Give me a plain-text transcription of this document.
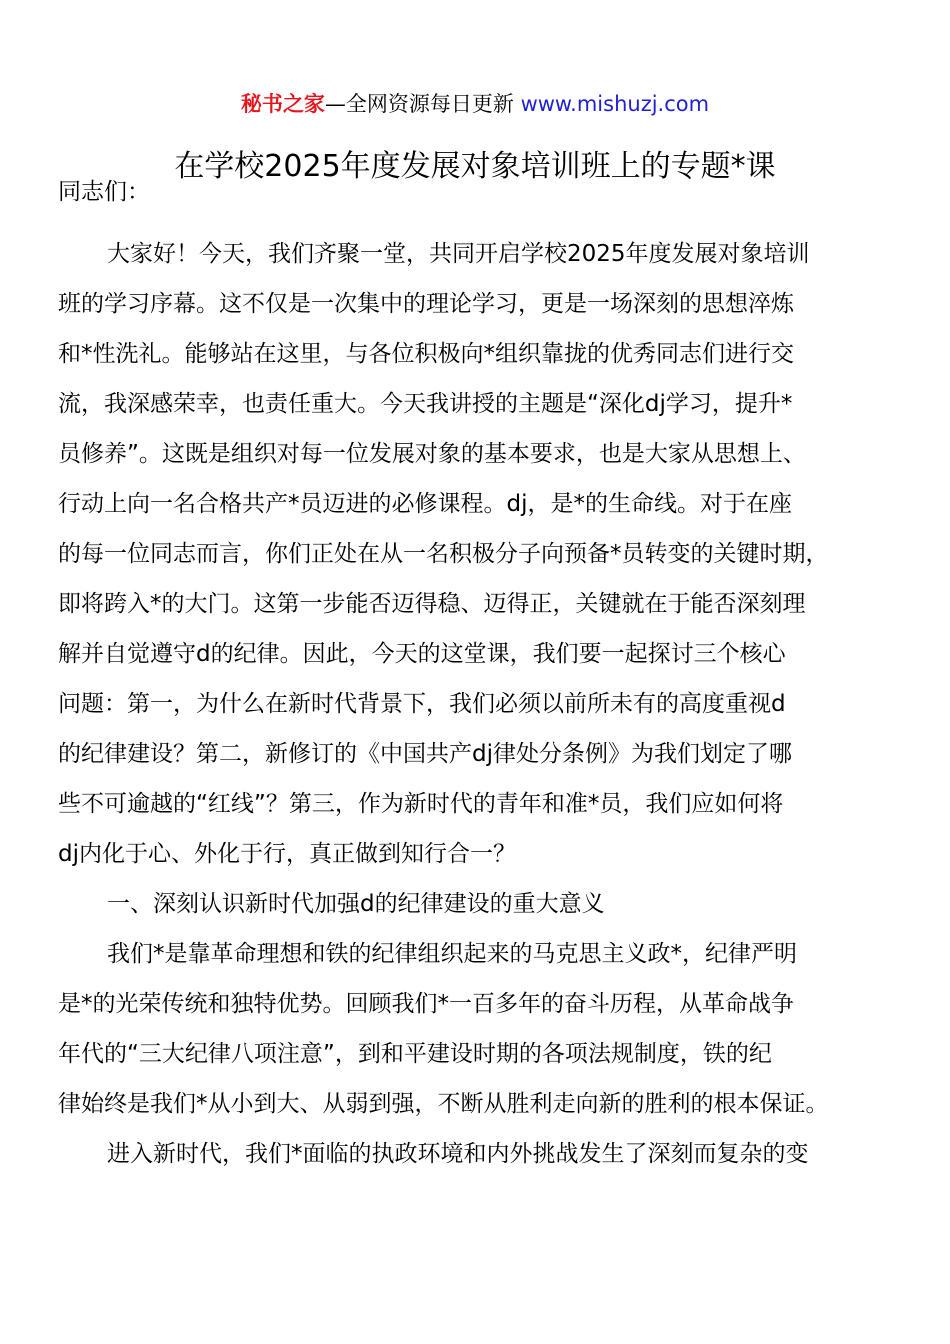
秘书之家—全网资源每日更新 www.mishuzj.com
在学校2025年度发展对象培训班上的专题*课
同志们：
大家好！今天，我们齐聚一堂，共同开启学校2025年度发展对象培训
班的学习序幕。这不仅是一次集中的理论学习，更是一场深刻的思想淬炼
和*性洗礼。能够站在这里，与各位积极向*组织靠拢的优秀同志们进行交
流，我深感荣幸，也责任重大。今天我讲授的主题是“深化dj学习，提升*
员修养”。这既是组织对每一位发展对象的基本要求，也是大家从思想上、
行动上向一名合格共产*员迈进的必修课程。dj，是*的生命线。对于在座
的每一位同志而言，你们正处在从一名积极分子向预备*员转变的关键时期，
即将跨入*的大门。这第一步能否迈得稳、迈得正，关键就在于能否深刻理
解并自觉遵守d的纪律。因此，今天的这堂课，我们要一起探讨三个核心
问题：第一，为什么在新时代背景下，我们必须以前所未有的高度重视d
的纪律建设？第二，新修订的《中国共产dj律处分条例》为我们划定了哪
些不可逾越的“红线”？第三，作为新时代的青年和准*员，我们应如何将
dj内化于心、外化于行，真正做到知行合一？
一、深刻认识新时代加强d的纪律建设的重大意义
我们*是靠革命理想和铁的纪律组织起来的马克思主义政*，纪律严明
是*的光荣传统和独特优势。回顾我们*一百多年的奋斗历程，从革命战争
年代的“三大纪律八项注意”，到和平建设时期的各项法规制度，铁的纪
律始终是我们*从小到大、从弱到强，不断从胜利走向新的胜利的根本保证。
进入新时代，我们*面临的执政环境和内外挑战发生了深刻而复杂的变
